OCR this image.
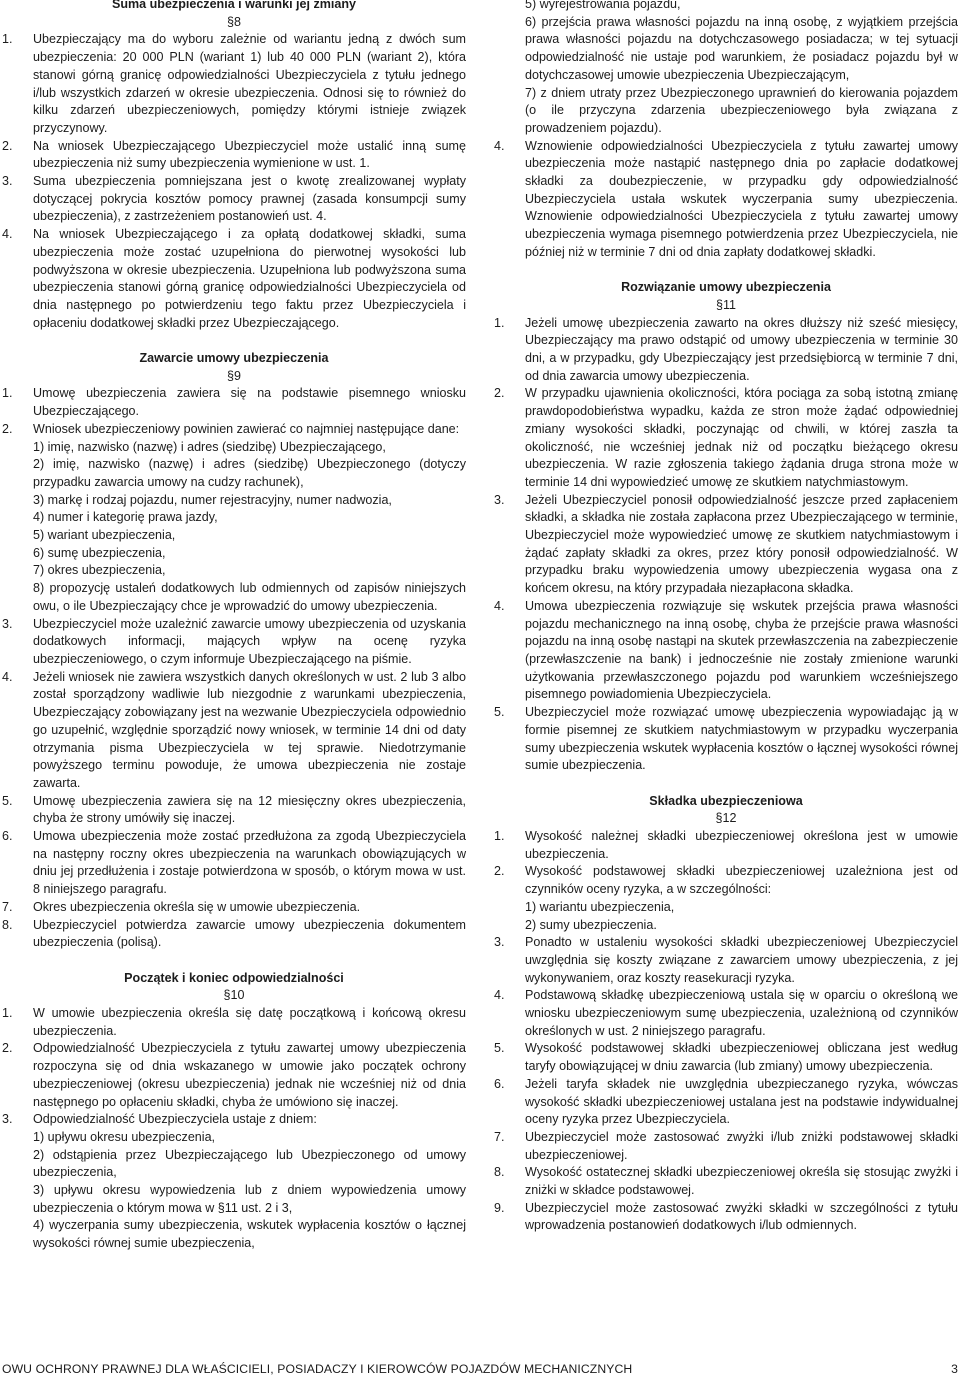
Suma ubezpieczenia i warunki jej zmiany
§8
1.	Ubezpieczający ma do wyboru zależnie od wariantu jedną z dwóch sum ubezpieczenia: 20 000 PLN (wariant 1) lub 40 000 PLN (wariant 2), która stanowi górną granicę odpowiedzialności Ubezpieczyciela z tytułu jednego i/lub wszystkich zdarzeń w okresie ubezpieczenia. Odnosi się to również do kilku zdarzeń ubezpieczeniowych, pomiędzy którymi istnieje związek przyczynowy.
2.	Na wniosek Ubezpieczającego Ubezpieczyciel może ustalić inną sumę ubezpieczenia niż sumy ubezpieczenia wymienione w ust. 1.
3.	Suma ubezpieczenia pomniejszana jest o kwotę zrealizowanej wypłaty dotyczącej pokrycia kosztów pomocy prawnej (zasada konsumpcji sumy ubezpieczenia), z zastrzeżeniem postanowień ust. 4.
4.	Na wniosek Ubezpieczającego i za opłatą dodatkowej składki, suma ubezpieczenia może zostać uzupełniona do pierwotnej wysokości lub podwyższona w okresie ubezpieczenia. Uzupełniona lub podwyższona suma ubezpieczenia stanowi górną granicę odpowiedzialności Ubezpieczyciela od dnia następnego po potwierdzeniu tego faktu przez Ubezpieczyciela i opłaceniu dodatkowej składki przez Ubezpieczającego.
Zawarcie umowy ubezpieczenia
§9
1.	Umowę ubezpieczenia zawiera się na podstawie pisemnego wniosku Ubezpieczającego.
2.	Wniosek ubezpieczeniowy powinien zawierać co najmniej następujące dane:
1) imię, nazwisko (nazwę) i adres (siedzibę) Ubezpieczającego,
2) imię, nazwisko (nazwę) i adres (siedzibę) Ubezpieczonego (dotyczy przypadku zawarcia umowy na cudzy rachunek),
3) markę i rodzaj pojazdu, numer rejestracyjny, numer nadwozia,
4) numer i kategorię prawa jazdy,
5) wariant ubezpieczenia,
6) sumę ubezpieczenia,
7) okres ubezpieczenia,
8) propozycję ustaleń dodatkowych lub odmiennych od zapisów niniejszych owu, o ile Ubezpieczający chce je wprowadzić do umowy ubezpieczenia.
3.	Ubezpieczyciel może uzależnić zawarcie umowy ubezpieczenia od uzyskania dodatkowych informacji, mających wpływ na ocenę ryzyka ubezpieczeniowego, o czym informuje Ubezpieczającego na piśmie.
4.	Jeżeli wniosek nie zawiera wszystkich danych określonych w ust. 2 lub 3 albo został sporządzony wadliwie lub niezgodnie z warunkami ubezpieczenia, Ubezpieczający zobowiązany jest na wezwanie Ubezpieczyciela odpowiednio go uzupełnić, względnie sporządzić nowy wniosek, w terminie 14 dni od daty otrzymania pisma Ubezpieczyciela w tej sprawie. Niedotrzymanie powyższego terminu powoduje, że umowa ubezpieczenia nie zostaje zawarta.
5.	Umowę ubezpieczenia zawiera się na 12 miesięczny okres ubezpieczenia, chyba że strony umówiły się inaczej.
6.	Umowa ubezpieczenia może zostać przedłużona za zgodą Ubezpieczyciela na następny roczny okres ubezpieczenia na warunkach obowiązujących w dniu jej przedłużenia i zostaje potwierdzona w sposób, o którym mowa w ust. 8 niniejszego paragrafu.
7.	Okres ubezpieczenia określa się w umowie ubezpieczenia.
8.	Ubezpieczyciel potwierdza zawarcie umowy ubezpieczenia dokumentem ubezpieczenia (polisą).
Początek i koniec odpowiedzialności
§10
1.	W umowie ubezpieczenia określa się datę początkową i końcową okresu ubezpieczenia.
2.	Odpowiedzialność Ubezpieczyciela z tytułu zawartej umowy ubezpieczenia rozpoczyna się od dnia wskazanego w umowie jako początek ochrony ubezpieczeniowej (okresu ubezpieczenia) jednak nie wcześniej niż od dnia następnego po opłaceniu składki, chyba że umówiono się inaczej.
3.	Odpowiedzialność Ubezpieczyciela ustaje z dniem:
1) upływu okresu ubezpieczenia,
2) odstąpienia przez Ubezpieczającego lub Ubezpieczonego od umowy ubezpieczenia,
3) upływu okresu wypowiedzenia lub z dniem wypowiedzenia umowy ubezpieczenia o którym mowa w §11 ust. 2 i 3,
4) wyczerpania sumy ubezpieczenia, wskutek wypłacenia kosztów o łącznej wysokości równej sumie ubezpieczenia,
5) wyrejestrowania pojazdu,
6) przejścia prawa własności pojazdu na inną osobę, z wyjątkiem przejścia prawa własności pojazdu na dotychczasowego posiadacza; w tej sytuacji odpowiedzialność nie ustaje pod warunkiem, że posiadacz pojazdu był w dotychczasowej umowie ubezpieczenia Ubezpieczającym,
7) z dniem utraty przez Ubezpieczonego uprawnień do kierowania pojazdem (o ile przyczyna zdarzenia ubezpieczeniowego była związana z prowadzeniem pojazdu).
4.	Wznowienie odpowiedzialności Ubezpieczyciela z tytułu zawartej umowy ubezpieczenia może nastąpić następnego dnia po zapłacie dodatkowej składki za doubezpieczenie, w przypadku gdy odpowiedzialność Ubezpieczyciela ustała wskutek wyczerpania sumy ubezpieczenia. Wznowienie odpowiedzialności Ubezpieczyciela z tytułu zawartej umowy ubezpieczenia wymaga pisemnego potwierdzenia przez Ubezpieczyciela, nie później niż w terminie 7 dni od dnia zapłaty dodatkowej składki.
Rozwiązanie umowy ubezpieczenia
§11
1.	Jeżeli umowę ubezpieczenia zawarto na okres dłuższy niż sześć miesięcy, Ubezpieczający ma prawo odstąpić od umowy ubezpieczenia w terminie 30 dni, a w przypadku, gdy Ubezpieczający jest przedsiębiorcą w terminie 7 dni, od dnia zawarcia umowy ubezpieczenia.
2.	W przypadku ujawnienia okoliczności, która pociąga za sobą istotną zmianę prawdopodobieństwa wypadku, każda ze stron może żądać odpowiedniej zmiany wysokości składki, poczynając od chwili, w której zaszła ta okoliczność, nie wcześniej jednak niż od początku bieżącego okresu ubezpieczenia. W razie zgłoszenia takiego żądania druga strona może w terminie 14 dni wypowiedzieć umowę ze skutkiem natychmiastowym.
3.	Jeżeli Ubezpieczyciel ponosił odpowiedzialność jeszcze przed zapłaceniem składki, a składka nie została zapłacona przez Ubezpieczającego w terminie, Ubezpieczyciel może wypowiedzieć umowę ze skutkiem natychmiastowym i żądać zapłaty składki za okres, przez który ponosił odpowiedzialność. W przypadku braku wypowiedzenia umowy ubezpieczenia wygasa ona z końcem okresu, na który przypadała niezapłacona składka.
4.	Umowa ubezpieczenia rozwiązuje się wskutek przejścia prawa własności pojazdu mechanicznego na inną osobę, chyba że przejście prawa własności pojazdu na inną osobę nastąpi na skutek przewłaszczenia na zabezpieczenie (przewłaszczenie na bank) i jednocześnie nie zostały zmienione warunki użytkowania przewłaszczonego pojazdu pod warunkiem wcześniejszego pisemnego powiadomienia Ubezpieczyciela.
5.	Ubezpieczyciel może rozwiązać umowę ubezpieczenia wypowiadając ją w formie pisemnej ze skutkiem natychmiastowym w przypadku wyczerpania sumy ubezpieczenia wskutek wypłacenia kosztów o łącznej wysokości równej sumie ubezpieczenia.
Składka ubezpieczeniowa
§12
1.	Wysokość należnej składki ubezpieczeniowej określona jest w umowie ubezpieczenia.
2.	Wysokość podstawowej składki ubezpieczeniowej uzależniona jest od czynników oceny ryzyka, a w szczególności:
1) wariantu ubezpieczenia,
2) sumy ubezpieczenia.
3.	Ponadto w ustaleniu wysokości składki ubezpieczeniowej Ubezpieczyciel uwzględnia się koszty związane z zawarciem umowy ubezpieczenia, z jej wykonywaniem, oraz koszty reasekuracji ryzyka.
4.	Podstawową składkę ubezpieczeniową ustala się w oparciu o określoną we wniosku ubezpieczeniowym sumę ubezpieczenia, uzależnioną od czynników określonych w ust. 2 niniejszego paragrafu.
5.	Wysokość podstawowej składki ubezpieczeniowej obliczana jest według taryfy obowiązującej w dniu zawarcia (lub zmiany) umowy ubezpieczenia.
6.	Jeżeli taryfa składek nie uwzględnia ubezpieczanego ryzyka, wówczas wysokość składki ubezpieczeniowej ustalana jest na podstawie indywidualnej oceny ryzyka przez Ubezpieczyciela.
7.	Ubezpieczyciel może zastosować zwyżki i/lub zniżki podstawowej składki ubezpieczeniowej.
8.	Wysokość ostatecznej składki ubezpieczeniowej określa się stosując zwyżki i zniżki w składce podstawowej.
9.	Ubezpieczyciel może zastosować zwyżki składki w szczególności z tytułu wprowadzenia postanowień dodatkowych i/lub odmiennych.
OWU OCHRONY PRAWNEJ DLA WŁAŚCICIELI, POSIADACZY I KIEROWCÓW POJAZDÓW MECHANICZNYCH	3
